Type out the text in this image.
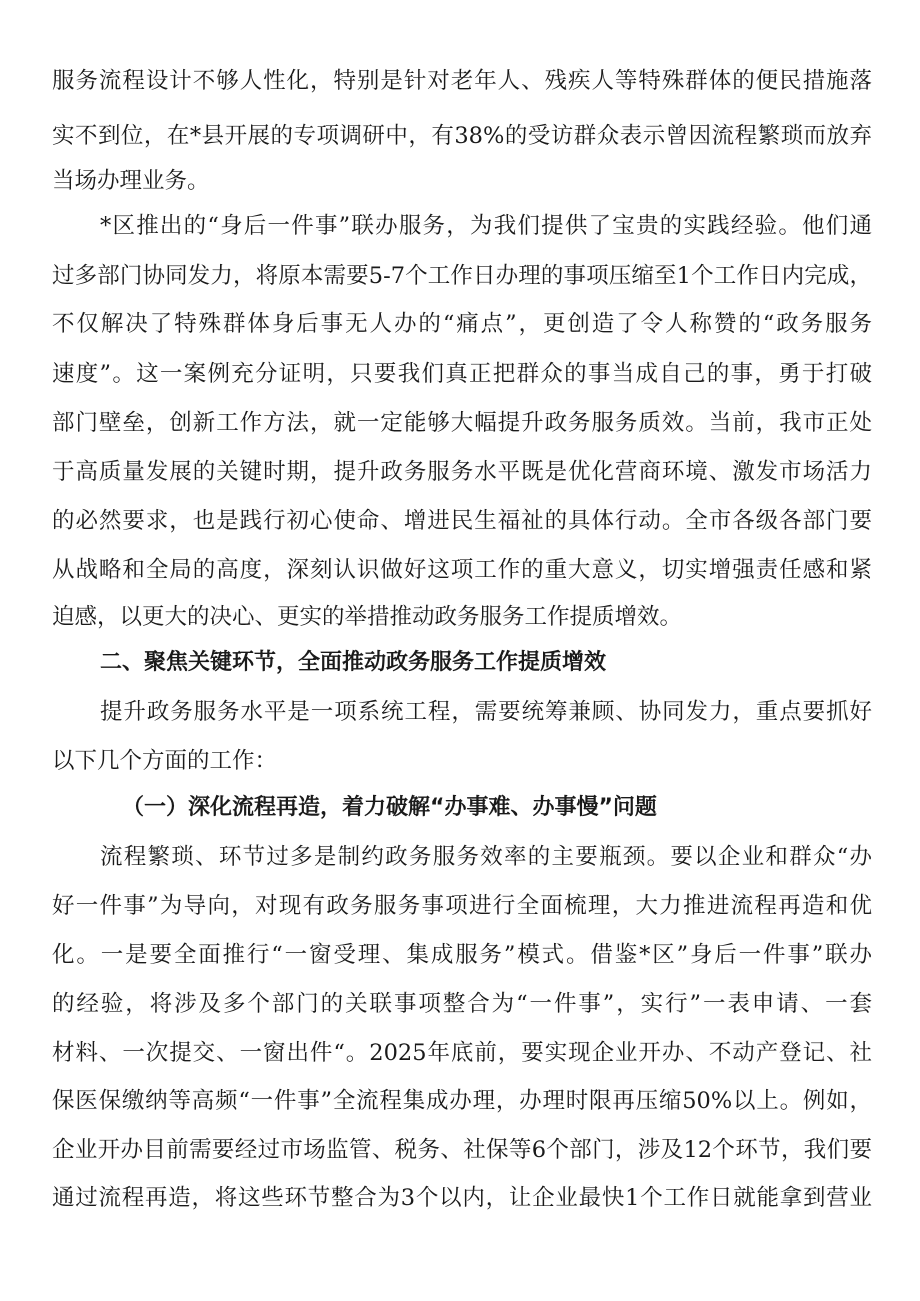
服务流程设计不够人性化，特别是针对老年人、残疾人等特殊群体的便民措施落
实不到位，在*县开展的专项调研中，有38%的受访群众表示曾因流程繁琐而放弃
当场办理业务。
*区推出的“身后一件事”联办服务，为我们提供了宝贵的实践经验。他们通
过多部门协同发力，将原本需要5-7个工作日办理的事项压缩至1个工作日内完成，
不仅解决了特殊群体身后事无人办的“痛点”，更创造了令人称赞的“政务服务
速度”。这一案例充分证明，只要我们真正把群众的事当成自己的事，勇于打破
部门壁垒，创新工作方法，就一定能够大幅提升政务服务质效。当前，我市正处
于高质量发展的关键时期，提升政务服务水平既是优化营商环境、激发市场活力
的必然要求，也是践行初心使命、增进民生福祉的具体行动。全市各级各部门要
从战略和全局的高度，深刻认识做好这项工作的重大意义，切实增强责任感和紧
迫感，以更大的决心、更实的举措推动政务服务工作提质增效。
二、聚焦关键环节，全面推动政务服务工作提质增效
提升政务服务水平是一项系统工程，需要统筹兼顾、协同发力，重点要抓好
以下几个方面的工作：
（一）深化流程再造，着力破解“办事难、办事慢”问题
流程繁琐、环节过多是制约政务服务效率的主要瓶颈。要以企业和群众“办
好一件事”为导向，对现有政务服务事项进行全面梳理，大力推进流程再造和优
化。一是要全面推行“一窗受理、集成服务”模式。借鉴*区”身后一件事”联办
的经验，将涉及多个部门的关联事项整合为“一件事”，实行”一表申请、一套
材料、一次提交、一窗出件“。2025年底前，要实现企业开办、不动产登记、社
保医保缴纳等高频“一件事”全流程集成办理，办理时限再压缩50%以上。例如，
企业开办目前需要经过市场监管、税务、社保等6个部门，涉及12个环节，我们要
通过流程再造，将这些环节整合为3个以内，让企业最快1个工作日就能拿到营业
